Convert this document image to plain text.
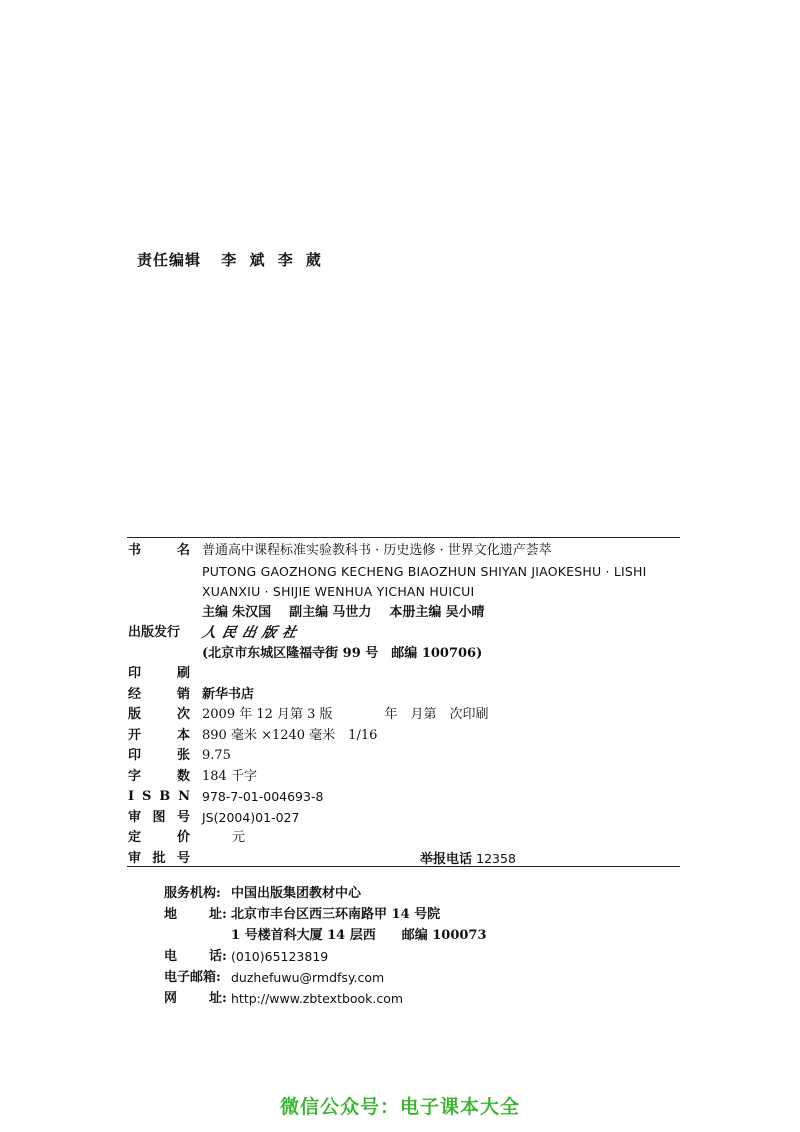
责任编辑 李 斌 李 葳
书	名 普通高中课程标准实验教科书 · 历史选修 · 世界文化遗产荟萃
PUTONG GAOZHONG KECHENG BIAOZHUN SHIYAN JIAOKESHU · LISHI
XUANXIU · SHIJIE WENHUA YICHAN HUICUI
主编 朱汉国 副主编 马世力 本册主编 吴小晴
出版发行	人民出版社
(北京市东城区隆福寺街 99 号　邮编 100706)
印	刷
经	销 新华书店
版	次 2009 年 12 月第 3 版　　　　年　月第　次印刷
开	本 890 毫米 ×1240 毫米　1/16
印	张 9.75
字	数 184 千字
I S B N 978-7-01-004693-8
审 图 号 JS(2004)01-027
定	价	元
审 批 号	举报电话 12358
服务机构: 中国出版集团教材中心
地 址 : 北京市丰台区西三环南路甲 14 号院
1 号楼首科大厦 14 层西　　邮编 100073
电 话 : (010)65123819
电子邮箱: duzhefuwu@rmdfsy.com
网 址 : http://www.zbtextbook.com
微信公众号：电子课本大全
